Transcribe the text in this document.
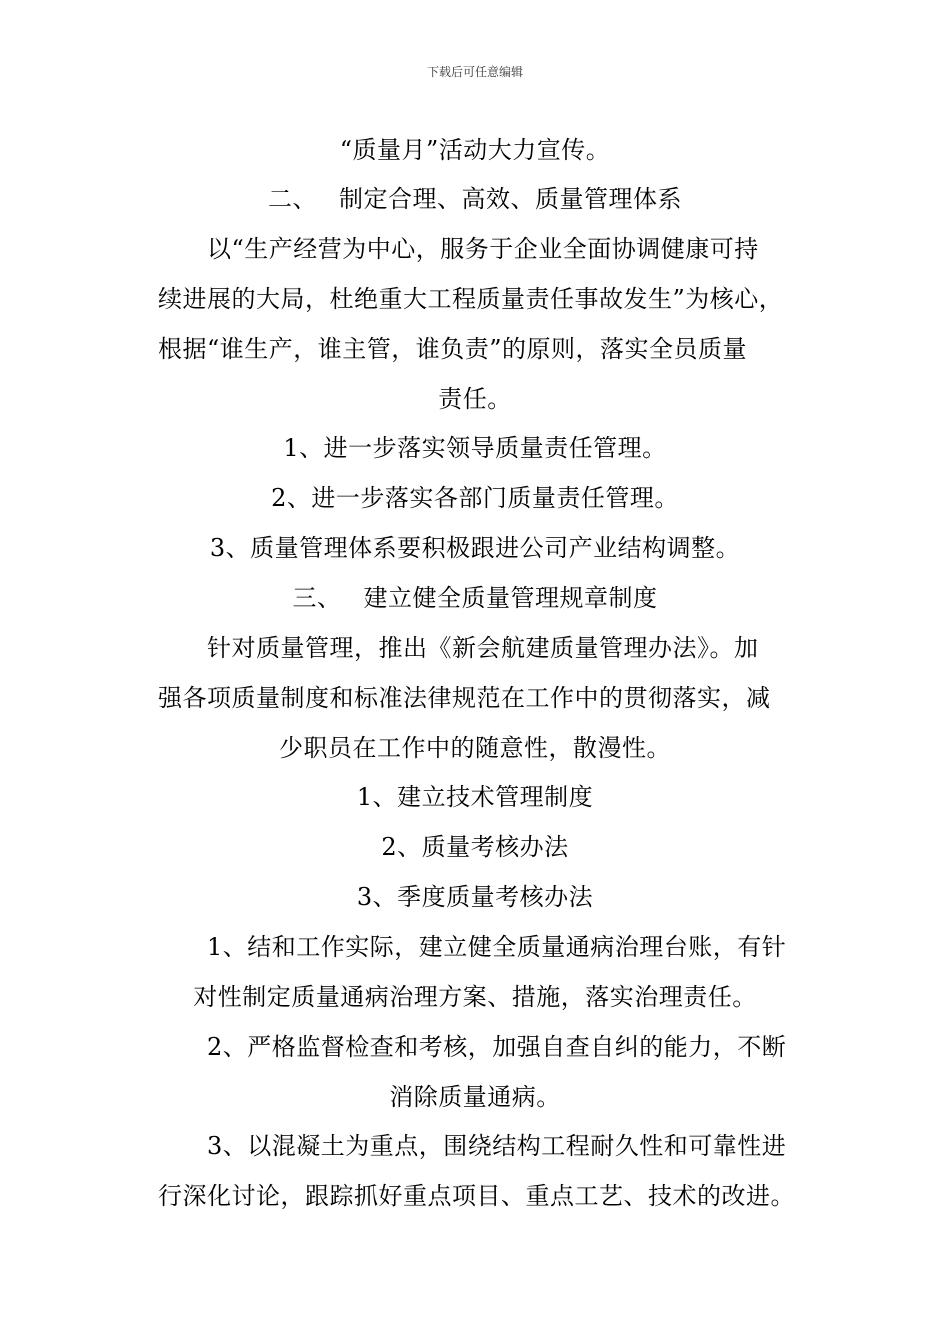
下载后可任意编辑
“质量月”活动大力宣传。
二、 制定合理、高效、质量管理体系
以“生产经营为中心，服务于企业全面协调健康可持
续进展的大局，杜绝重大工程质量责任事故发生”为核心，
根据“谁生产，谁主管，谁负责”的原则，落实全员质量
责任。
1、进一步落实领导质量责任管理。
2、进一步落实各部门质量责任管理。
3、质量管理体系要积极跟进公司产业结构调整。
三、 建立健全质量管理规章制度
针对质量管理，推出《新会航建质量管理办法》。加
强各项质量制度和标准法律规范在工作中的贯彻落实，减
少职员在工作中的随意性，散漫性。
1、建立技术管理制度
2、质量考核办法
3、季度质量考核办法
1、结和工作实际，建立健全质量通病治理台账，有针
对性制定质量通病治理方案、措施，落实治理责任。
2、严格监督检查和考核，加强自查自纠的能力，不断
消除质量通病。
3、以混凝土为重点，围绕结构工程耐久性和可靠性进
行深化讨论，跟踪抓好重点项目、重点工艺、技术的改进。
